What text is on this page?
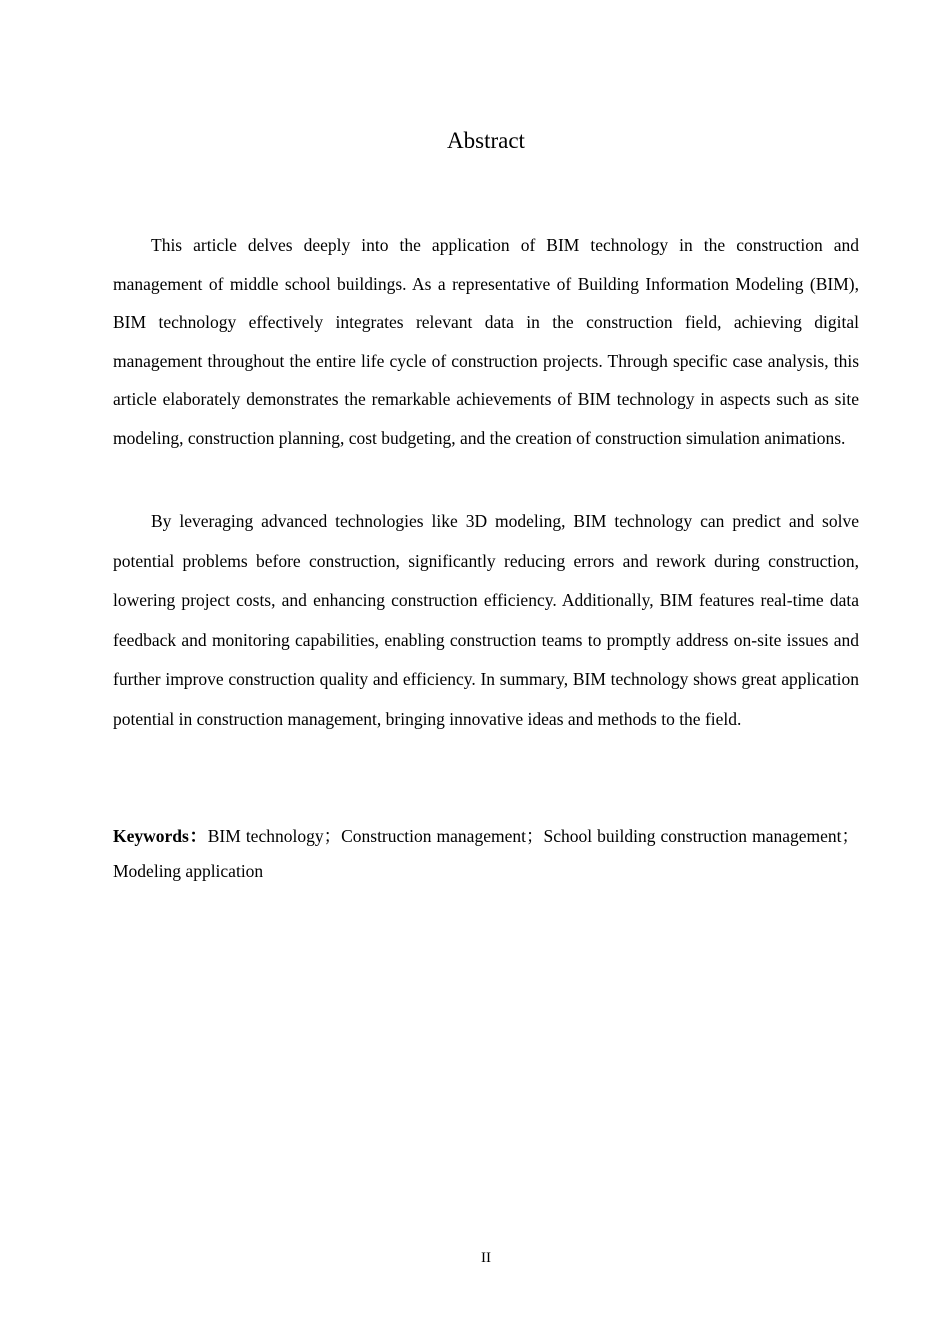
Abstract

This article delves deeply into the application of BIM technology in the construction and management of middle school buildings. As a representative of Building Information Modeling (BIM), BIM technology effectively integrates relevant data in the construction field, achieving digital management throughout the entire life cycle of construction projects. Through specific case analysis, this article elaborately demonstrates the remarkable achievements of BIM technology in aspects such as site modeling, construction planning, cost budgeting, and the creation of construction simulation animations.

By leveraging advanced technologies like 3D modeling, BIM technology can predict and solve potential problems before construction, significantly reducing errors and rework during construction, lowering project costs, and enhancing construction efficiency. Additionally, BIM features real-time data feedback and monitoring capabilities, enabling construction teams to promptly address on-site issues and further improve construction quality and efficiency. In summary, BIM technology shows great application potential in construction management, bringing innovative ideas and methods to the field.

Keywords：BIM technology；Construction management；School building construction management；Modeling application

II
